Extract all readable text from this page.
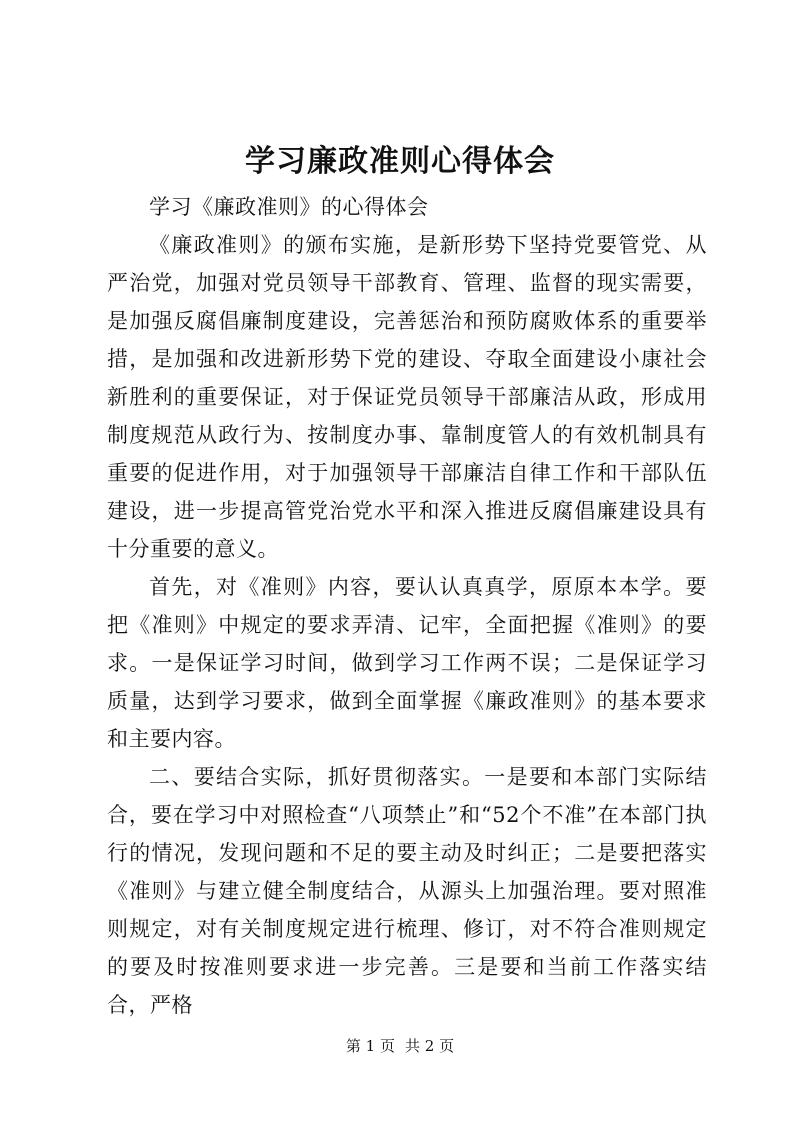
学习廉政准则心得体会

学习《廉政准则》的心得体会

《廉政准则》的颁布实施，是新形势下坚持党要管党、从严治党，加强对党员领导干部教育、管理、监督的现实需要，是加强反腐倡廉制度建设，完善惩治和预防腐败体系的重要举措，是加强和改进新形势下党的建设、夺取全面建设小康社会新胜利的重要保证，对于保证党员领导干部廉洁从政，形成用制度规范从政行为、按制度办事、靠制度管人的有效机制具有重要的促进作用，对于加强领导干部廉洁自律工作和干部队伍建设，进一步提高管党治党水平和深入推进反腐倡廉建设具有十分重要的意义。

首先，对《准则》内容，要认认真真学，原原本本学。要把《准则》中规定的要求弄清、记牢，全面把握《准则》的要求。一是保证学习时间，做到学习工作两不误；二是保证学习质量，达到学习要求，做到全面掌握《廉政准则》的基本要求和主要内容。

二、要结合实际，抓好贯彻落实。一是要和本部门实际结合，要在学习中对照检查“八项禁止”和“52个不准”在本部门执行的情况，发现问题和不足的要主动及时纠正；二是要把落实《准则》与建立健全制度结合，从源头上加强治理。要对照准则规定，对有关制度规定进行梳理、修订，对不符合准则规定的要及时按准则要求进一步完善。三是要和当前工作落实结合，严格

第 1 页 共 2 页
